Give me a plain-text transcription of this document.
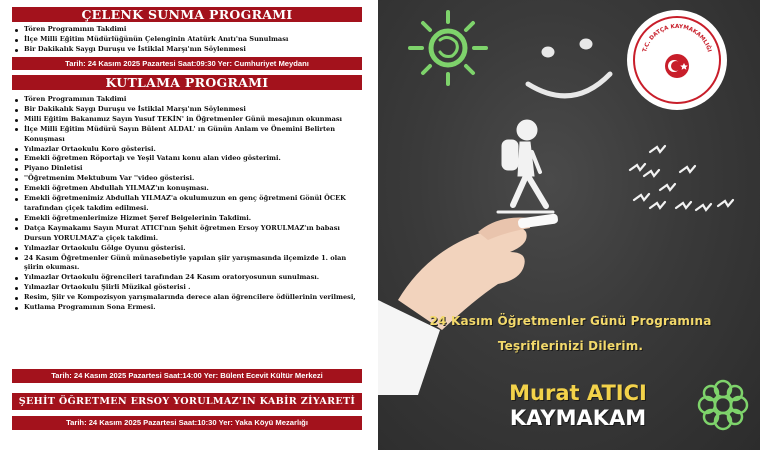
ÇELENK SUNMA PROGRAMI
Tören Programının Takdimi
İlçe Milli Eğitim Müdürlüğünün Çelenginin Atatürk Anıtı'na Sunulması
Bir Dakikalık Saygı Duruşu ve İstiklal Marşı'nın Söylenmesi
Tarih: 24 Kasım 2025 Pazartesi Saat:09:30 Yer: Cumhuriyet Meydanı
KUTLAMA PROGRAMI
Tören Programının Takdimi
Bir Dakikalık Saygı Duruşu ve İstiklal Marşı'nın Söylenmesi
Milli Eğitim Bakanımız Sayın Yusuf TEKİN' in Öğretmenler Günü mesajının okunması
İlçe Milli Eğitim Müdürü Sayın Bülent ALDAL' ın Günün Anlam ve Önemini Belirten Konuşması
Yılmazlar Ortaokulu Koro gösterisi.
Emekli öğretmen Röportajı ve Yeşil Vatanı konu alan video gösterimi.
Piyano Dinletisi
''Öğretmenim Mektubum Var ''video gösterisi.
Emekli öğretmen Abdullah YILMAZ'ın konuşması.
Emekli öğretmenimiz Abdullah YILMAZ'a okulumuzun en genç öğretmeni Gönül ÖCEK tarafından çiçek takdim edilmesi.
Emekli öğretmenlerimize Hizmet Şeref Belgelerinin Takdimi.
Datça Kaymakamı Sayın Murat ATICI'nın Şehit öğretmen Ersoy YORULMAZ'ın babası Dursun YORULMAZ'a çiçek takdimi.
Yılmazlar Ortaokulu Gölge Oyunu gösterisi.
24 Kasım Öğretmenler Günü münasebetiyle yapılan şiir yarışmasında ilçemizde 1. olan şiirin okuması.
Yılmazlar Ortaokulu öğrencileri tarafından 24 Kasım oratoryosunun sunulması.
Yılmazlar Ortaokulu Şiirli Müzikal gösterisi .
Resim, Şiir ve Kompozisyon yarışmalarında derece alan öğrencilere ödüllerinin verilmesi,
Kutlama Programının Sona Ermesi.
Tarih: 24 Kasım 2025 Pazartesi Saat:14:00 Yer: Bülent Ecevit Kültür Merkezi
ŞEHİT ÖĞRETMEN ERSOY YORULMAZ'IN KABİR ZİYARETİ
Tarih: 24 Kasım 2025 Pazartesi Saat:10:30 Yer: Yaka Köyü Mezarlığı
T.C. DATÇA KAYMAKAMLIĞI
24 Kasım Öğretmenler Günü Programına
Teşriflerinizi Dilerim.
Murat ATICI
KAYMAKAM
